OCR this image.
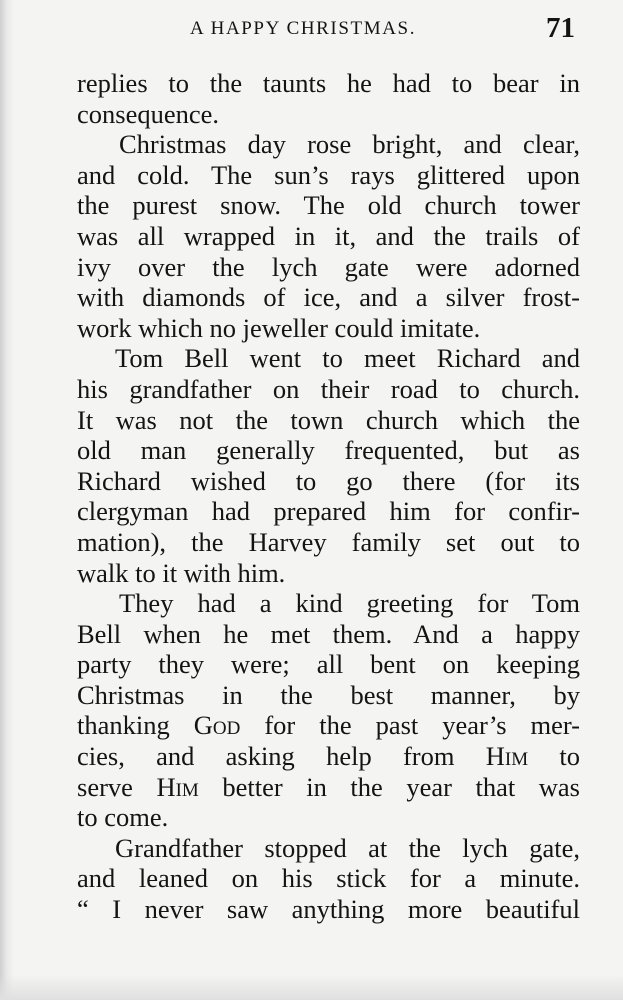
A HAPPY CHRISTMAS.	71
replies to the taunts he had to bear in
consequence.
Christmas day rose bright, and clear,
and cold. The sun’s rays glittered upon
the purest snow. The old church tower
was all wrapped in it, and the trails of
ivy over the lych gate were adorned
with diamonds of ice, and a silver frost-
work which no jeweller could imitate.
Tom Bell went to meet Richard and
his grandfather on their road to church.
It was not the town church which the
old man generally frequented, but as
Richard wished to go there (for its
clergyman had prepared him for confir-
mation), the Harvey family set out to
walk to it with him.
They had a kind greeting for Tom
Bell when he met them. And a happy
party they were; all bent on keeping
Christmas in the best manner, by
thanking God for the past year’s mer-
cies, and asking help from Him to
serve Him better in the year that was
to come.
Grandfather stopped at the lych gate,
and leaned on his stick for a minute.
“ I never saw anything more beautiful
